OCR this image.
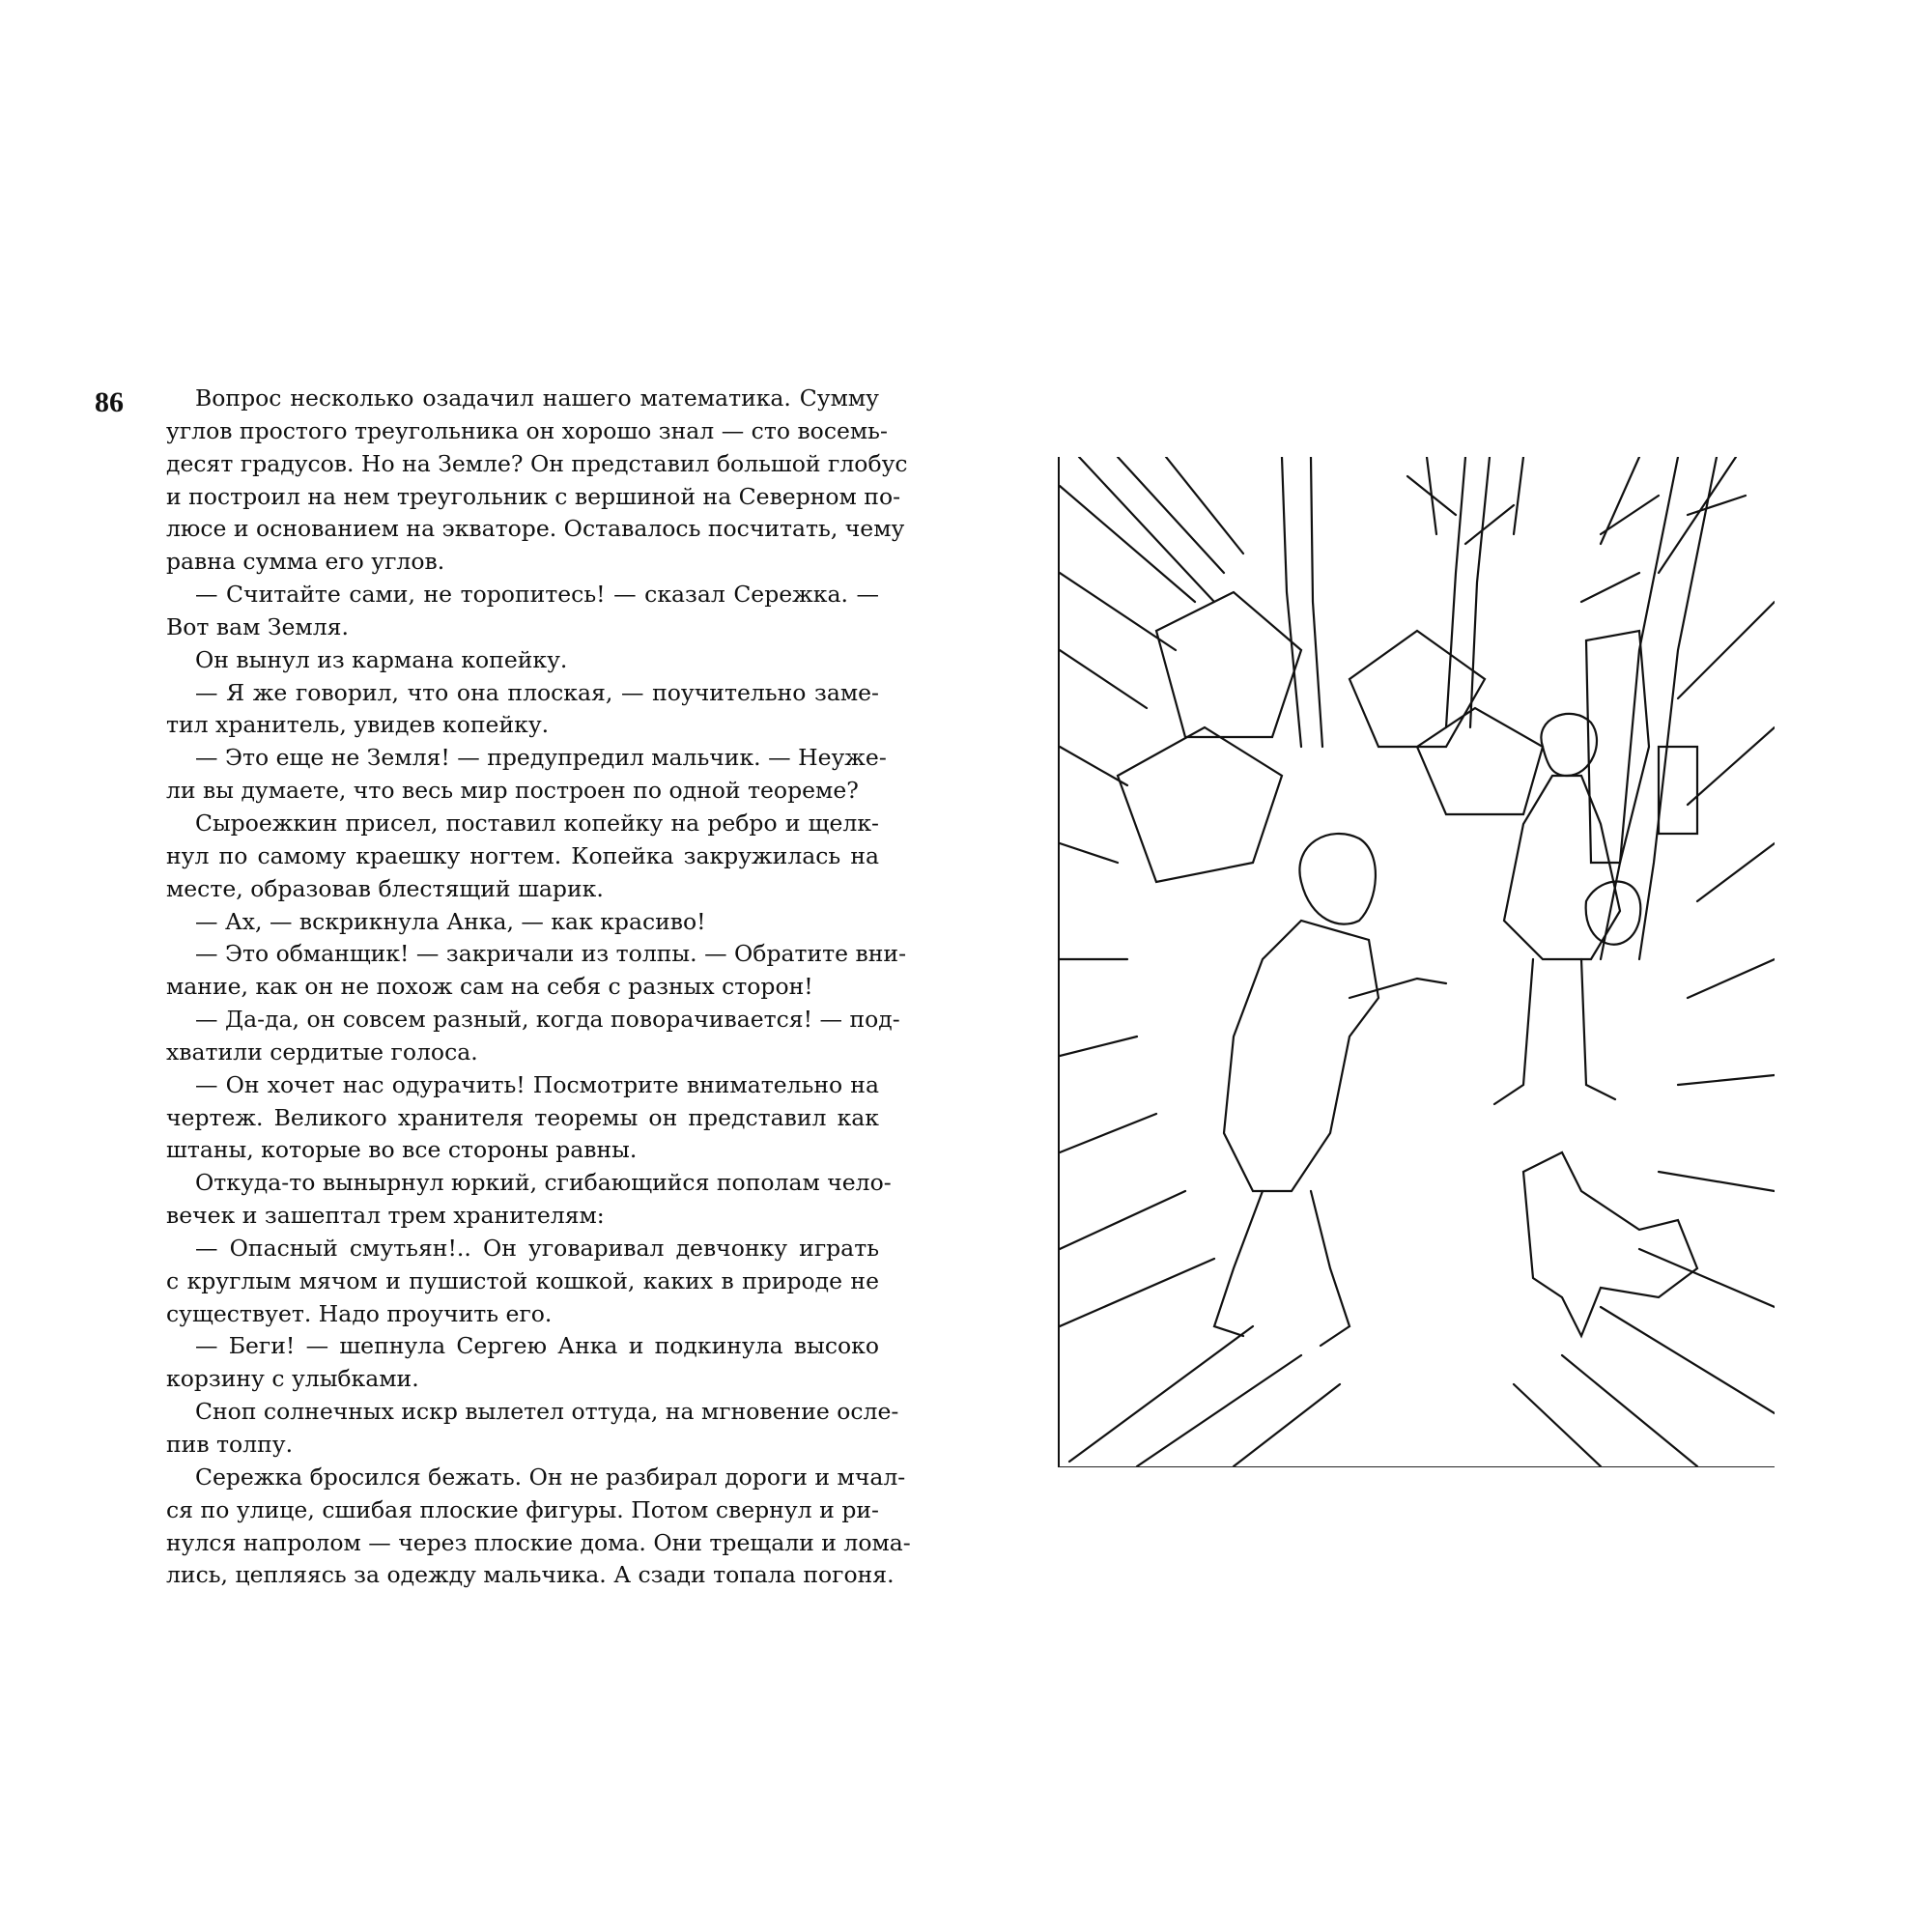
86	Вопрос несколько озадачил нашего математика. Сумму
углов простого треугольника он хорошо знал — сто восемь-
десят градусов. Но на Земле? Он представил большой глобус
и построил на нем треугольник с вершиной на Северном по-
люсе и основанием на экваторе. Оставалось посчитать, чему
равна сумма его углов.
— Считайте сами, не торопитесь! — сказал Сережка. —
Вот вам Земля.
Он вынул из кармана копейку.
— Я же говорил, что она плоская, — поучительно заме-
тил хранитель, увидев копейку.
— Это еще не Земля! — предупредил мальчик. — Неуже-
ли вы думаете, что весь мир построен по одной теореме?
Сыроежкин присел, поставил копейку на ребро и щелк-
нул по самому краешку ногтем. Копейка закружилась на
месте, образовав блестящий шарик.
— Ах, — вскрикнула Анка, — как красиво!
— Это обманщик! — закричали из толпы. — Обратите вни-
мание, как он не похож сам на себя с разных сторон!
— Да-да, он совсем разный, когда поворачивается! — под-
хватили сердитые голоса.
— Он хочет нас одурачить! Посмотрите внимательно на
чертеж. Великого хранителя теоремы он представил как
штаны, которые во все стороны равны.
Откуда-то вынырнул юркий, сгибающийся пополам чело-
вечек и зашептал трем хранителям:
— Опасный смутьян!.. Он уговаривал девчонку играть
с круглым мячом и пушистой кошкой, каких в природе не
существует. Надо проучить его.
— Беги! — шепнула Сергею Анка и подкинула высоко
корзину с улыбками.
Сноп солнечных искр вылетел оттуда, на мгновение ослe-
пив толпу.
Сережка бросился бежать. Он не разбирал дороги и мчал-
ся по улице, сшибая плоские фигуры. Потом свернул и ри-
нулся напролом — через плоские дома. Они трещали и лома-
лись, цепляясь за одежду мальчика. А сзади топала погоня.
